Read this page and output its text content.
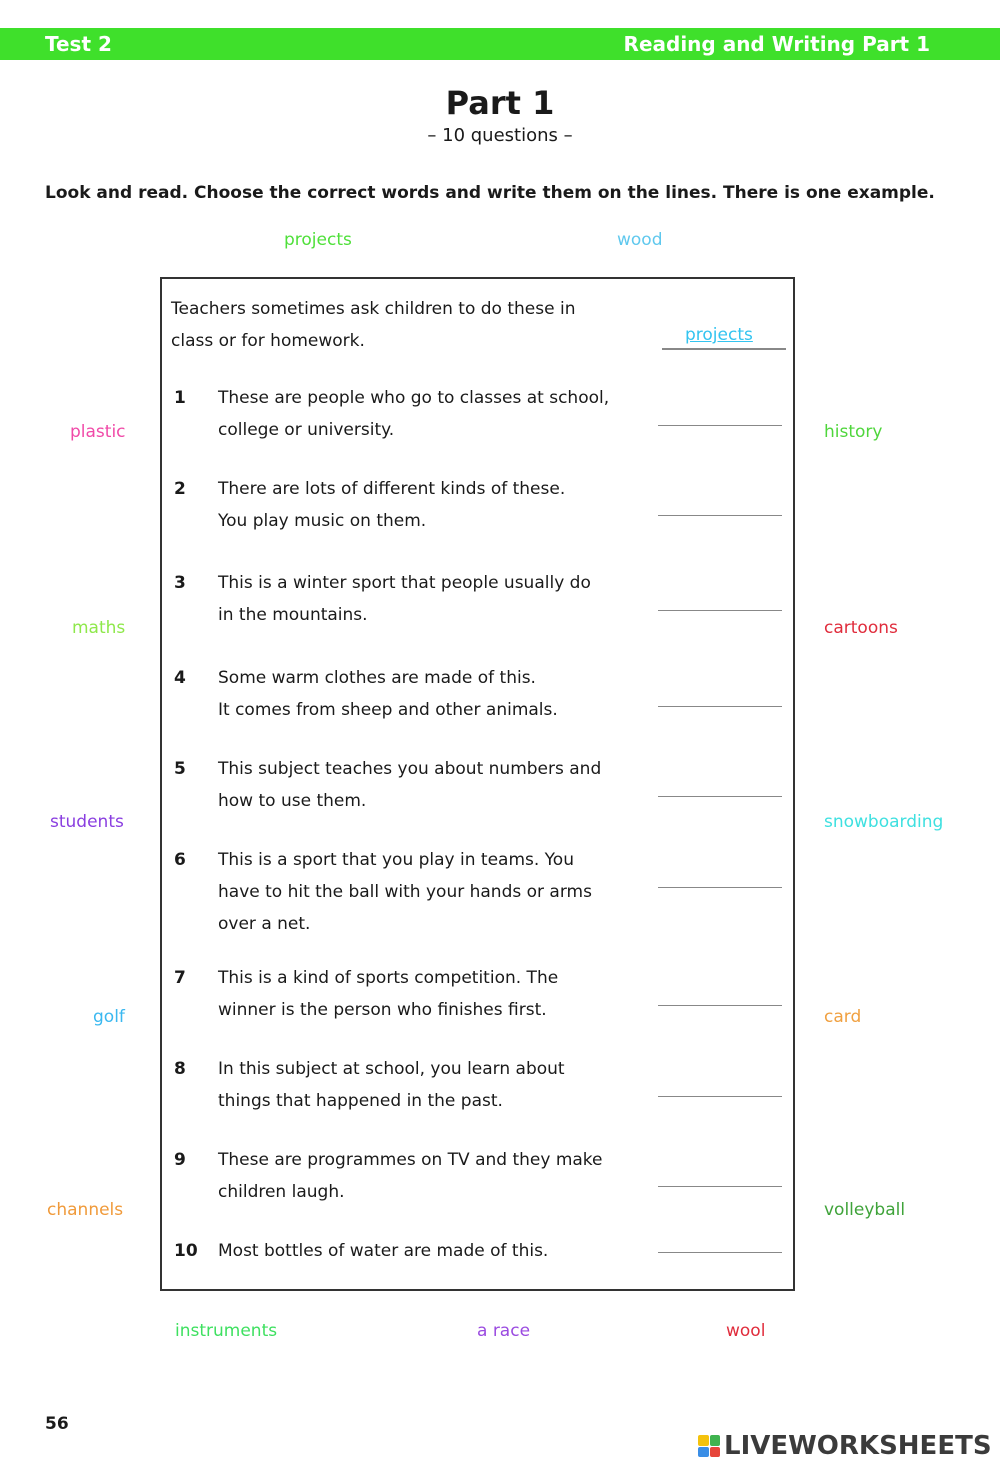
Test 2	Reading and Writing Part 1
Part 1
– 10 questions –
Look and read. Choose the correct words and write them on the lines. There is one example.
projects	wood
plastic	history
maths	cartoons
students	snowboarding
golf	card
channels	volleyball
instruments	a race	wool
Teachers sometimes ask children to do these in
class or for homework.	projects
1 These are people who go to classes at school,
college or university.
2 There are lots of different kinds of these.
You play music on them.
3 This is a winter sport that people usually do
in the mountains.
4 Some warm clothes are made of this.
It comes from sheep and other animals.
5 This subject teaches you about numbers and
how to use them.
6 This is a sport that you play in teams. You
have to hit the ball with your hands or arms
over a net.
7 This is a kind of sports competition. The
winner is the person who finishes first.
8 In this subject at school, you learn about
things that happened in the past.
9 These are programmes on TV and they make
children laugh.
10 Most bottles of water are made of this.
56
LIVEWORKSHEETS
